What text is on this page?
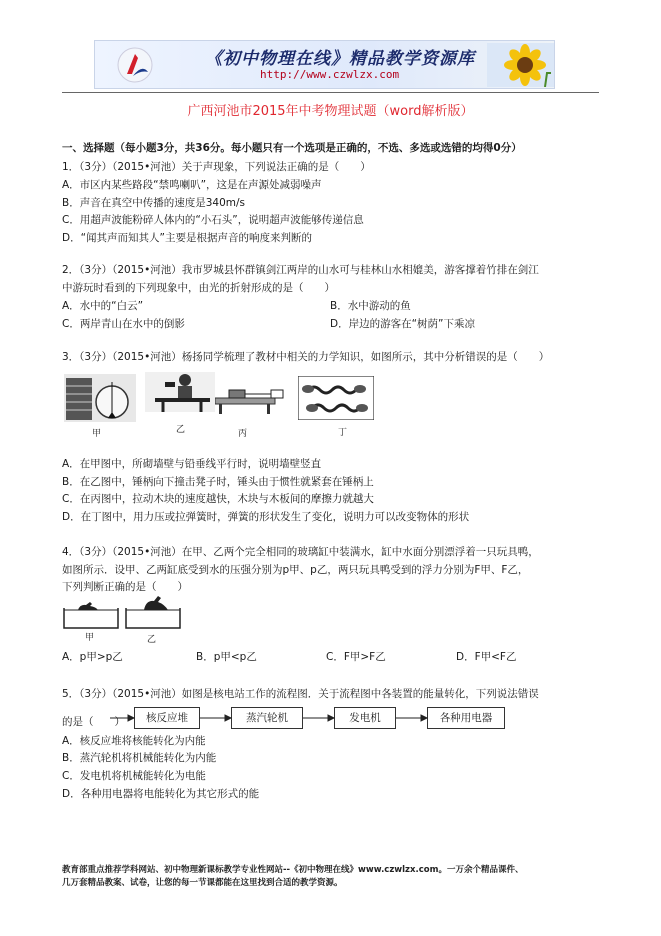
《初中物理在线》精品教学资源库
http://www.czwlzx.com
广西河池市2015年中考物理试题（word解析版）
一、选择题（每小题3分，共36分。每小题只有一个选项是正确的，不选、多选或选错的均得0分）
1．（3分）（2015•河池）关于声现象，下列说法正确的是（　　）
A．市区内某些路段“禁鸣喇叭”，这是在声源处减弱噪声
B．声音在真空中传播的速度是340m/s
C．用超声波能粉碎人体内的“小石头”，说明超声波能够传递信息
D．“闻其声而知其人”主要是根据声音的响度来判断的
2．（3分）（2015•河池）我市罗城县怀群镇剑江两岸的山水可与桂林山水相媲美，游客撑着竹排在剑江
中游玩时看到的下列现象中，由光的折射形成的是（　　）
A．水中的“白云”	B．水中游动的鱼
C．两岸青山在水中的倒影	D．岸边的游客在“树荫”下乘凉
3．（3分）（2015•河池）杨扬同学梳理了教材中相关的力学知识，如图所示，其中分析错误的是（　　）
甲	乙	丙	丁
A．在甲图中，所砌墙壁与铅垂线平行时，说明墙壁竖直
B．在乙图中，锤柄向下撞击凳子时，锤头由于惯性就紧套在锤柄上
C．在丙图中，拉动木块的速度越快，木块与木板间的摩擦力就越大
D．在丁图中，用力压或拉弹簧时，弹簧的形状发生了变化，说明力可以改变物体的形状
4．（3分）（2015•河池）在甲、乙两个完全相同的玻璃缸中装满水，缸中水面分别漂浮着一只玩具鸭，
如图所示．设甲、乙两缸底受到水的压强分别为p甲、p乙，两只玩具鸭受到的浮力分别为F甲、F乙，
下列判断正确的是（　　）
甲	乙
A．p甲>p乙	B．p甲<p乙	C．F甲>F乙	D．F甲<F乙
5．（3分）（2015•河池）如图是核电站工作的流程图．关于流程图中各装置的能量转化，下列说法错误
的是（　　）	核反应堆	蒸汽轮机	发电机	各种用电器
A．核反应堆将核能转化为内能
B．蒸汽轮机将机械能转化为内能
C．发电机将机械能转化为电能
D．各种用电器将电能转化为其它形式的能
教育部重点推荐学科网站、初中物理新课标教学专业性网站--《初中物理在线》www.czwlzx.com。一万余个精品课件、
几万套精品教案、试卷，让您的每一节课都能在这里找到合适的教学资源。
